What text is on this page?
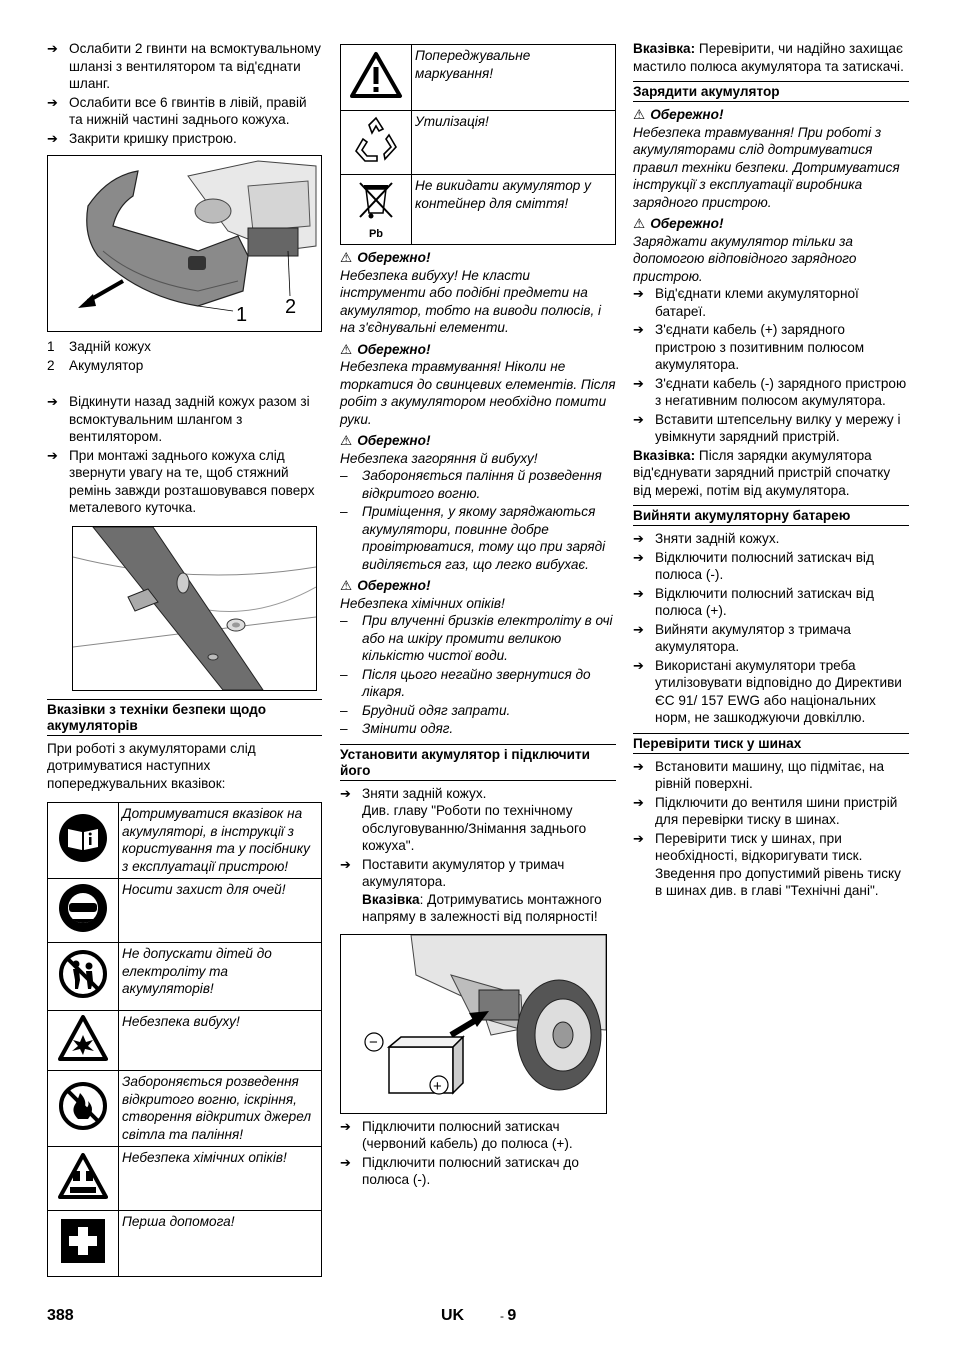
➔ Ослабити 2 гвинти на всмоктувальному шланзі з вентилятором та від'єднати шланг.
➔ Ослабити все 6 гвинтів в лівій, правій та нижній частині заднього кожуха.
➔ Закрити кришку пристрою.
1 2
1	Задній кожух
2	Акумулятор
➔ Відкинути назад задній кожух разом зі всмоктувальним шлангом з вентилятором.
➔ При монтажі заднього кожуха слід звернути увагу на те, щоб стяжний ремінь завжди розташовувався поверх металевого куточка.
Вказівки з техніки безпеки щодо акумуляторів

При роботі з акумуляторами слід дотримуватися наступних попереджувальних вказівок:

	Дотримуватися вказівок на акумуляторі, в інструкції з користування та у посібнику з експлуатації пристрою!
	Носити захист для очей!
	Не допускати дітей до електроліту та акумуляторів!
	Небезпека вибуху!
	Забороняється розведення відкритого вогню, іскріння, створення відкритих джерел світла та паління!
	Небезпека хімічних опіків!
	Перша допомога!
	Попереджувальне маркування!
	Утилізація!

Pb	Не викидати акумулятор у контейнер для сміття!
⚠ Обережно!

Небезпека вибуху! Не класти інструменти або подібні предмети на акумулятор, тобто на виводи полюсів, і на з'єднувальні елементи.

⚠ Обережно!

Небезпека травмування! Ніколи не торкатися до свинцевих елементів. Після робіт з акумулятором необхідно помити руки.

⚠ Обережно!

Небезпека загоряння й вибуху!

–	Забороняється паління й розведення відкритого вогню.
–	Приміщення, у якому заряджаються акумулятори, повинне добре провітрюватися, тому що при заряді виділяється газ, що легко вибухає.
⚠ Обережно!

Небезпека хімічних опіків!

–	При влученні бризків електроліту в очі або на шкіру промити великою кількістю чистої води.
–	Після цього негайно звернутися до лікаря.
–	Брудний одяг запрати.
–	Змінити одяг.
Установити акумулятор і підключити його
➔ Зняти задній кожух.
Див. главу "Роботи по технічному обслуговуванню/Знімання заднього кожуха".
➔ Поставити акумулятор у тримач акумулятора.
Вказівка: Дотримуватись монтажного напряму в залежності від полярності!
−
+
➔ Підключити полюсний затискач (червоний кабель) до полюса (+).
➔ Підключити полюсний затискач до полюса (-).

Вказівка: Перевірити, чи надійно захищає мастило полюса акумулятора та затискачі.

Зарядити акумулятор
⚠ Обережно!

Небезпека травмування! При роботі з акумуляторами слід дотримуватися правил техніки безпеки. Дотримуватися інструкції з експлуатації виробника зарядного пристрою.

⚠ Обережно!

Заряджати акумулятор тільки за допомогою відповідного зарядного пристрою.

➔ Від'єднати клеми акумуляторної батареї.
➔ З'єднати кабель (+) зарядного пристрою з позитивним полюсом акумулятора.
➔ З'єднати кабель (-) зарядного пристрою з негативним полюсом акумулятора.
➔ Вставити штепсельну вилку у мережу і увімкнути зарядний пристрій.

Вказівка: Після зарядки акумулятора від'єднувати зарядний пристрій спочатку від мережі, потім від акумулятора.

Вийняти акумуляторну батарею
➔ Зняти задній кожух.
➔ Відключити полюсний затискач від полюса (-).
➔ Відключити полюсний затискач від полюса (+).
➔ Вийняти акумулятор з тримача акумулятора.
➔ Використані акумулятори треба утилізовувати відповідно до Директиви ЄС 91/ 157 EWG або національних норм, не зашкоджуючи довкіллю.
Перевірити тиск у шинах
➔ Встановити машину, що підмітає, на рівній поверхні.
➔ Підключити до вентиля шини пристрій для перевірки тиску в шинах.
➔ Перевірити тиск у шинах, при необхідності, відкоригувати тиск. Зведення про допустимий рівень тиску в шинах див. в главі "Технічні дані".
388	UK	- 9
